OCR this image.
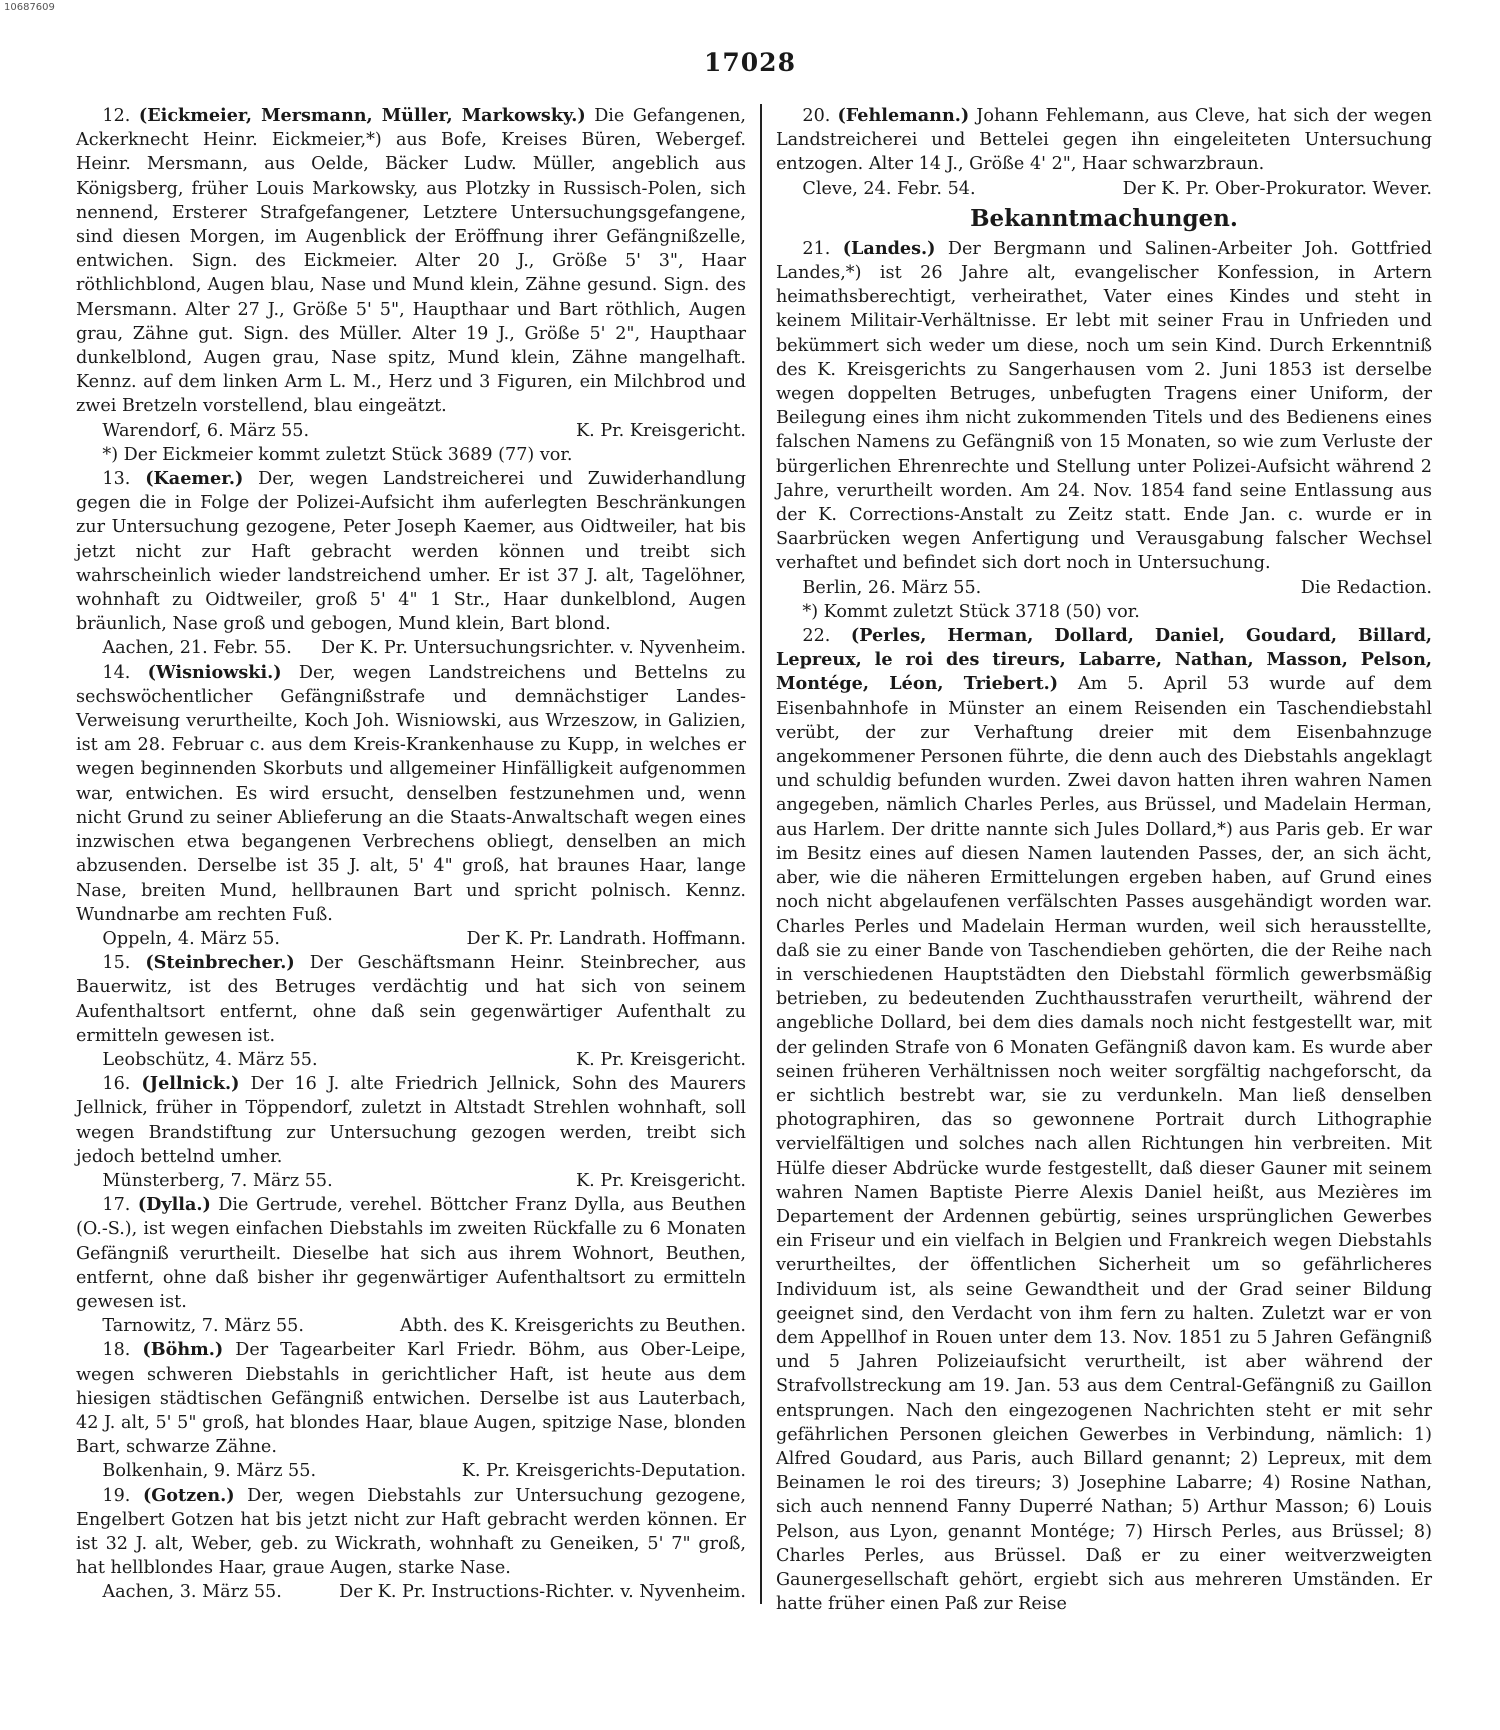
10687609
17028

12. (Eickmeier, Mersmann, Müller, Markowsky.) Die Gefangenen, Ackerknecht Heinr. Eickmeier,*) aus Bofe, Kreises Büren, Webergef. Heinr. Mersmann, aus Oelde, Bäcker Ludw. Müller, angeblich aus Königsberg, früher Louis Markowsky, aus Plotzky in Russisch-Polen, sich nennend, Ersterer Strafgefangener, Letztere Untersuchungsgefangene, sind diesen Morgen, im Augenblick der Eröffnung ihrer Gefängnißzelle, entwichen. Sign. des Eickmeier. Alter 20 J., Größe 5' 3", Haar röthlichblond, Augen blau, Nase und Mund klein, Zähne gesund. Sign. des Mersmann. Alter 27 J., Größe 5' 5", Haupthaar und Bart röthlich, Augen grau, Zähne gut. Sign. des Müller. Alter 19 J., Größe 5' 2", Haupthaar dunkelblond, Augen grau, Nase spitz, Mund klein, Zähne mangelhaft. Kennz. auf dem linken Arm L. M., Herz und 3 Figuren, ein Milchbrod und zwei Bretzeln vorstellend, blau eingeätzt.

Warendorf, 6. März 55.	K. Pr. Kreisgericht.

*) Der Eickmeier kommt zuletzt Stück 3689 (77) vor.

13. (Kaemer.) Der, wegen Landstreicherei und Zuwiderhandlung gegen die in Folge der Polizei-Aufsicht ihm auferlegten Beschränkungen zur Untersuchung gezogene, Peter Joseph Kaemer, aus Oidtweiler, hat bis jetzt nicht zur Haft gebracht werden können und treibt sich wahrscheinlich wieder landstreichend umher. Er ist 37 J. alt, Tagelöhner, wohnhaft zu Oidtweiler, groß 5' 4" 1 Str., Haar dunkelblond, Augen bräunlich, Nase groß und gebogen, Mund klein, Bart blond.

Aachen, 21. Febr. 55.	Der K. Pr. Untersuchungsrichter. v. Nyvenheim.

14. (Wisniowski.) Der, wegen Landstreichens und Bettelns zu sechswöchentlicher Gefängnißstrafe und demnächstiger Landes-Verweisung verurtheilte, Koch Joh. Wisniowski, aus Wrzeszow, in Galizien, ist am 28. Februar c. aus dem Kreis-Krankenhause zu Kupp, in welches er wegen beginnenden Skorbuts und allgemeiner Hinfälligkeit aufgenommen war, entwichen. Es wird ersucht, denselben festzunehmen und, wenn nicht Grund zu seiner Ablieferung an die Staats-Anwaltschaft wegen eines inzwischen etwa begangenen Verbrechens obliegt, denselben an mich abzusenden. Derselbe ist 35 J. alt, 5' 4" groß, hat braunes Haar, lange Nase, breiten Mund, hellbraunen Bart und spricht polnisch. Kennz. Wundnarbe am rechten Fuß.

Oppeln, 4. März 55.	Der K. Pr. Landrath. Hoffmann.

15. (Steinbrecher.) Der Geschäftsmann Heinr. Steinbrecher, aus Bauerwitz, ist des Betruges verdächtig und hat sich von seinem Aufenthaltsort entfernt, ohne daß sein gegenwärtiger Aufenthalt zu ermitteln gewesen ist.

Leobschütz, 4. März 55.	K. Pr. Kreisgericht.

16. (Jellnick.) Der 16 J. alte Friedrich Jellnick, Sohn des Maurers Jellnick, früher in Töppendorf, zuletzt in Altstadt Strehlen wohnhaft, soll wegen Brandstiftung zur Untersuchung gezogen werden, treibt sich jedoch bettelnd umher.

Münsterberg, 7. März 55.	K. Pr. Kreisgericht.

17. (Dylla.) Die Gertrude, verehel. Böttcher Franz Dylla, aus Beuthen (O.-S.), ist wegen einfachen Diebstahls im zweiten Rückfalle zu 6 Monaten Gefängniß verurtheilt. Dieselbe hat sich aus ihrem Wohnort, Beuthen, entfernt, ohne daß bisher ihr gegenwärtiger Aufenthaltsort zu ermitteln gewesen ist.

Tarnowitz, 7. März 55.	Abth. des K. Kreisgerichts zu Beuthen.

18. (Böhm.) Der Tagearbeiter Karl Friedr. Böhm, aus Ober-Leipe, wegen schweren Diebstahls in gerichtlicher Haft, ist heute aus dem hiesigen städtischen Gefängniß entwichen. Derselbe ist aus Lauterbach, 42 J. alt, 5' 5" groß, hat blondes Haar, blaue Augen, spitzige Nase, blonden Bart, schwarze Zähne.

Bolkenhain, 9. März 55.	K. Pr. Kreisgerichts-Deputation.

19. (Gotzen.) Der, wegen Diebstahls zur Untersuchung gezogene, Engelbert Gotzen hat bis jetzt nicht zur Haft gebracht werden können. Er ist 32 J. alt, Weber, geb. zu Wickrath, wohnhaft zu Geneiken, 5' 7" groß, hat hellblondes Haar, graue Augen, starke Nase.

Aachen, 3. März 55.	Der K. Pr. Instructions-Richter. v. Nyvenheim.

20. (Fehlemann.) Johann Fehlemann, aus Cleve, hat sich der wegen Landstreicherei und Bettelei gegen ihn eingeleiteten Untersuchung entzogen. Alter 14 J., Größe 4' 2", Haar schwarzbraun.

Cleve, 24. Febr. 54.	Der K. Pr. Ober-Prokurator. Wever.

Bekanntmachungen.

21. (Landes.) Der Bergmann und Salinen-Arbeiter Joh. Gottfried Landes,*) ist 26 Jahre alt, evangelischer Konfession, in Artern heimathsberechtigt, verheirathet, Vater eines Kindes und steht in keinem Militair-Verhältnisse. Er lebt mit seiner Frau in Unfrieden und bekümmert sich weder um diese, noch um sein Kind. Durch Erkenntniß des K. Kreisgerichts zu Sangerhausen vom 2. Juni 1853 ist derselbe wegen doppelten Betruges, unbefugten Tragens einer Uniform, der Beilegung eines ihm nicht zukommenden Titels und des Bedienens eines falschen Namens zu Gefängniß von 15 Monaten, so wie zum Verluste der bürgerlichen Ehrenrechte und Stellung unter Polizei-Aufsicht während 2 Jahre, verurtheilt worden. Am 24. Nov. 1854 fand seine Entlassung aus der K. Corrections-Anstalt zu Zeitz statt. Ende Jan. c. wurde er in Saarbrücken wegen Anfertigung und Verausgabung falscher Wechsel verhaftet und befindet sich dort noch in Untersuchung.

Berlin, 26. März 55.	Die Redaction.

*) Kommt zuletzt Stück 3718 (50) vor.

22. (Perles, Herman, Dollard, Daniel, Goudard, Billard, Lepreux, le roi des tireurs, Labarre, Nathan, Masson, Pelson, Montége, Léon, Triebert.) Am 5. April 53 wurde auf dem Eisenbahnhofe in Münster an einem Reisenden ein Taschendiebstahl verübt, der zur Verhaftung dreier mit dem Eisenbahnzuge angekommener Personen führte, die denn auch des Diebstahls angeklagt und schuldig befunden wurden. Zwei davon hatten ihren wahren Namen angegeben, nämlich Charles Perles, aus Brüssel, und Madelain Herman, aus Harlem. Der dritte nannte sich Jules Dollard,*) aus Paris geb. Er war im Besitz eines auf diesen Namen lautenden Passes, der, an sich ächt, aber, wie die näheren Ermittelungen ergeben haben, auf Grund eines noch nicht abgelaufenen verfälschten Passes ausgehändigt worden war. Charles Perles und Madelain Herman wurden, weil sich herausstellte, daß sie zu einer Bande von Taschendieben gehörten, die der Reihe nach in verschiedenen Hauptstädten den Diebstahl förmlich gewerbsmäßig betrieben, zu bedeutenden Zuchthausstrafen verurtheilt, während der angebliche Dollard, bei dem dies damals noch nicht festgestellt war, mit der gelinden Strafe von 6 Monaten Gefängniß davon kam. Es wurde aber seinen früheren Verhältnissen noch weiter sorgfältig nachgeforscht, da er sichtlich bestrebt war, sie zu verdunkeln. Man ließ denselben photographiren, das so gewonnene Portrait durch Lithographie vervielfältigen und solches nach allen Richtungen hin verbreiten. Mit Hülfe dieser Abdrücke wurde festgestellt, daß dieser Gauner mit seinem wahren Namen Baptiste Pierre Alexis Daniel heißt, aus Mezières im Departement der Ardennen gebürtig, seines ursprünglichen Gewerbes ein Friseur und ein vielfach in Belgien und Frankreich wegen Diebstahls verurtheiltes, der öffentlichen Sicherheit um so gefährlicheres Individuum ist, als seine Gewandtheit und der Grad seiner Bildung geeignet sind, den Verdacht von ihm fern zu halten. Zuletzt war er von dem Appellhof in Rouen unter dem 13. Nov. 1851 zu 5 Jahren Gefängniß und 5 Jahren Polizeiaufsicht verurtheilt, ist aber während der Strafvollstreckung am 19. Jan. 53 aus dem Central-Gefängniß zu Gaillon entsprungen. Nach den eingezogenen Nachrichten steht er mit sehr gefährlichen Personen gleichen Gewerbes in Verbindung, nämlich: 1) Alfred Goudard, aus Paris, auch Billard genannt; 2) Lepreux, mit dem Beinamen le roi des tireurs; 3) Josephine Labarre; 4) Rosine Nathan, sich auch nennend Fanny Duperré Nathan; 5) Arthur Masson; 6) Louis Pelson, aus Lyon, genannt Montége; 7) Hirsch Perles, aus Brüssel; 8) Charles Perles, aus Brüssel. Daß er zu einer weitverzweigten Gaunergesellschaft gehört, ergiebt sich aus mehreren Umständen. Er hatte früher einen Paß zur Reise
